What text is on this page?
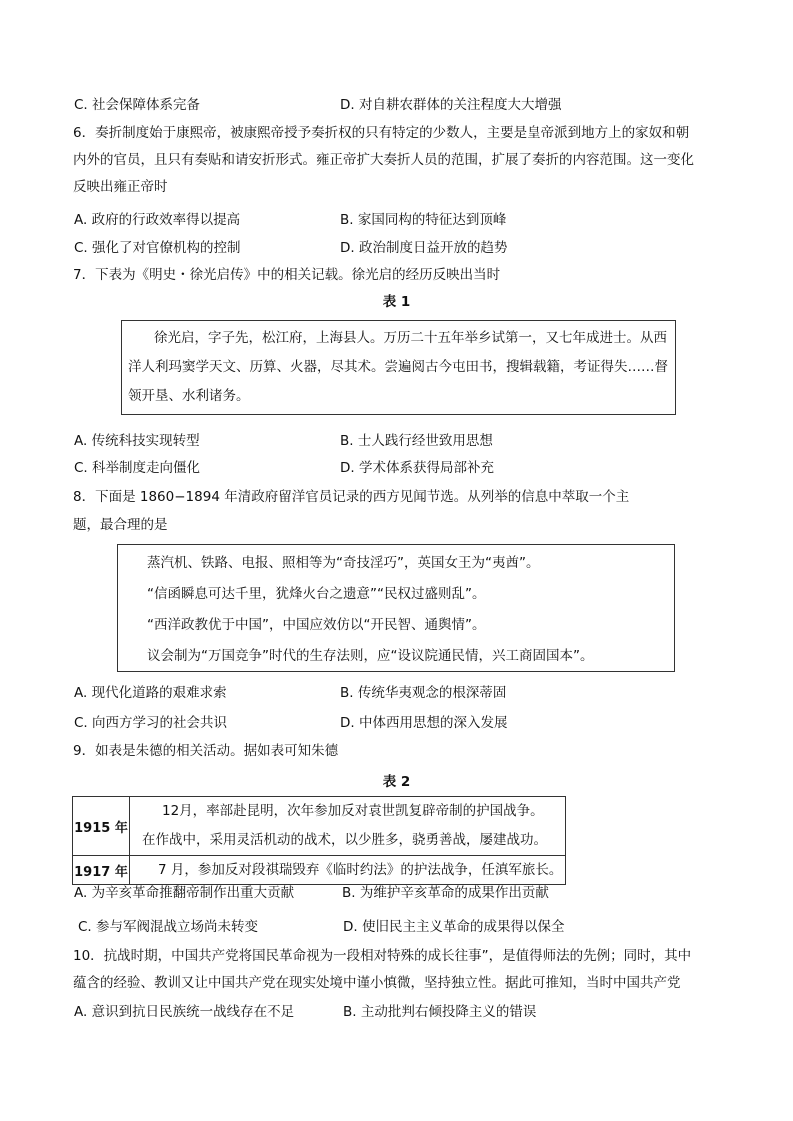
C. 社会保障体系完备	D. 对自耕农群体的关注程度大大增强
6．奏折制度始于康熙帝，被康熙帝授予奏折权的只有特定的少数人，主要是皇帝派到地方上的家奴和朝
内外的官员，且只有奏贴和请安折形式。雍正帝扩大奏折人员的范围，扩展了奏折的内容范围。这一变化
反映出雍正帝时
A. 政府的行政效率得以提高	B. 家国同构的特征达到顶峰
C. 强化了对官僚机构的控制	D. 政治制度日益开放的趋势
7．下表为《明史・徐光启传》中的相关记载。徐光启的经历反映出当时
表 1
徐光启，字子先，松江府，上海县人。万历二十五年举乡试第一，又七年成进士。从西
洋人利玛窦学天文、历算、火器，尽其术。尝遍阅古今屯田书，搜辑载籍，考证得失……督
领开垦、水利诸务。
A. 传统科技实现转型	B. 士人践行经世致用思想
C. 科举制度走向僵化	D. 学术体系获得局部补充
8．下面是 1860−1894 年清政府留洋官员记录的西方见闻节选。从列举的信息中萃取一个主
题，最合理的是
蒸汽机、铁路、电报、照相等为“奇技淫巧”，英国女王为“夷酋”。
“信函瞬息可达千里，犹烽火台之遗意”“民权过盛则乱”。
“西洋政教优于中国”，中国应效仿以“开民智、通舆情”。
议会制为“万国竞争”时代的生存法则，应“设议院通民情，兴工商固国本”。
A. 现代化道路的艰难求索	B. 传统华夷观念的根深蒂固
C. 向西方学习的社会共识	D. 中体西用思想的深入发展
9．如表是朱德的相关活动。据如表可知朱德
表 2
1915 年	12月，率部赴昆明，次年参加反对袁世凯复辟帝制的护国战争。
在作战中，采用灵活机动的战术，以少胜多，骁勇善战，屡建战功。

1917 年	7 月，参加反对段祺瑞毁弃《临时约法》的护法战争，任滇军旅长。
A. 为辛亥革命推翻帝制作出重大贡献	B. 为维护辛亥革命的成果作出贡献
C. 参与军阀混战立场尚未转变	D. 使旧民主主义革命的成果得以保全
10．抗战时期，中国共产党将国民革命视为一段相对特殊的成长往事”，是值得师法的先例；同时，其中
蕴含的经验、教训又让中国共产党在现实处境中谨小慎微，坚持独立性。据此可推知，当时中国共产党
A. 意识到抗日民族统一战线存在不足	B. 主动批判右倾投降主义的错误
